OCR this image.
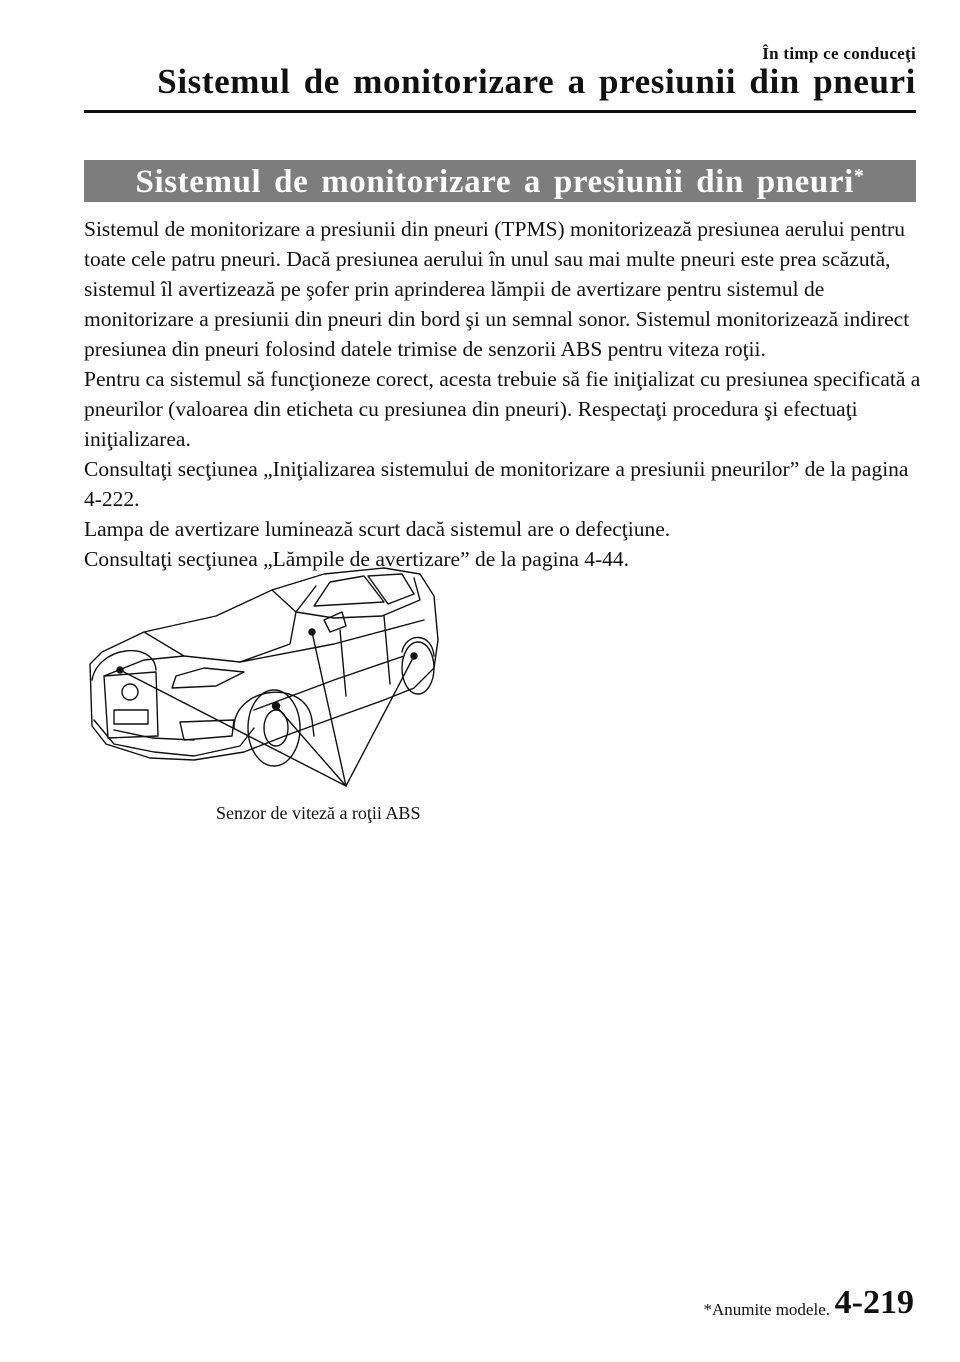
În timp ce conduceţi
Sistemul de monitorizare a presiunii din pneuri
Sistemul de monitorizare a presiunii din pneuri*

Sistemul de monitorizare a presiunii din pneuri (TPMS) monitorizează presiunea aerului pentru toate cele patru pneuri. Dacă presiunea aerului în unul sau mai multe pneuri este prea scăzută, sistemul îl avertizează pe şofer prin aprinderea lămpii de avertizare pentru sistemul de monitorizare a presiunii din pneuri din bord şi un semnal sonor. Sistemul monitorizează indirect presiunea din pneuri folosind datele trimise de senzorii ABS pentru viteza roţii.

Pentru ca sistemul să funcţioneze corect, acesta trebuie să fie iniţializat cu presiunea specificată a pneurilor (valoarea din eticheta cu presiunea din pneuri). Respectaţi procedura şi efectuaţi iniţializarea.

Consultaţi secţiunea „Iniţializarea sistemului de monitorizare a presiunii pneurilor” de la pagina 4-222.

Lampa de avertizare luminează scurt dacă sistemul are o defecţiune.

Consultaţi secţiunea „Lămpile de avertizare” de la pagina 4-44.

Senzor de viteză a roţii ABS
*Anumite modele. 4-219
